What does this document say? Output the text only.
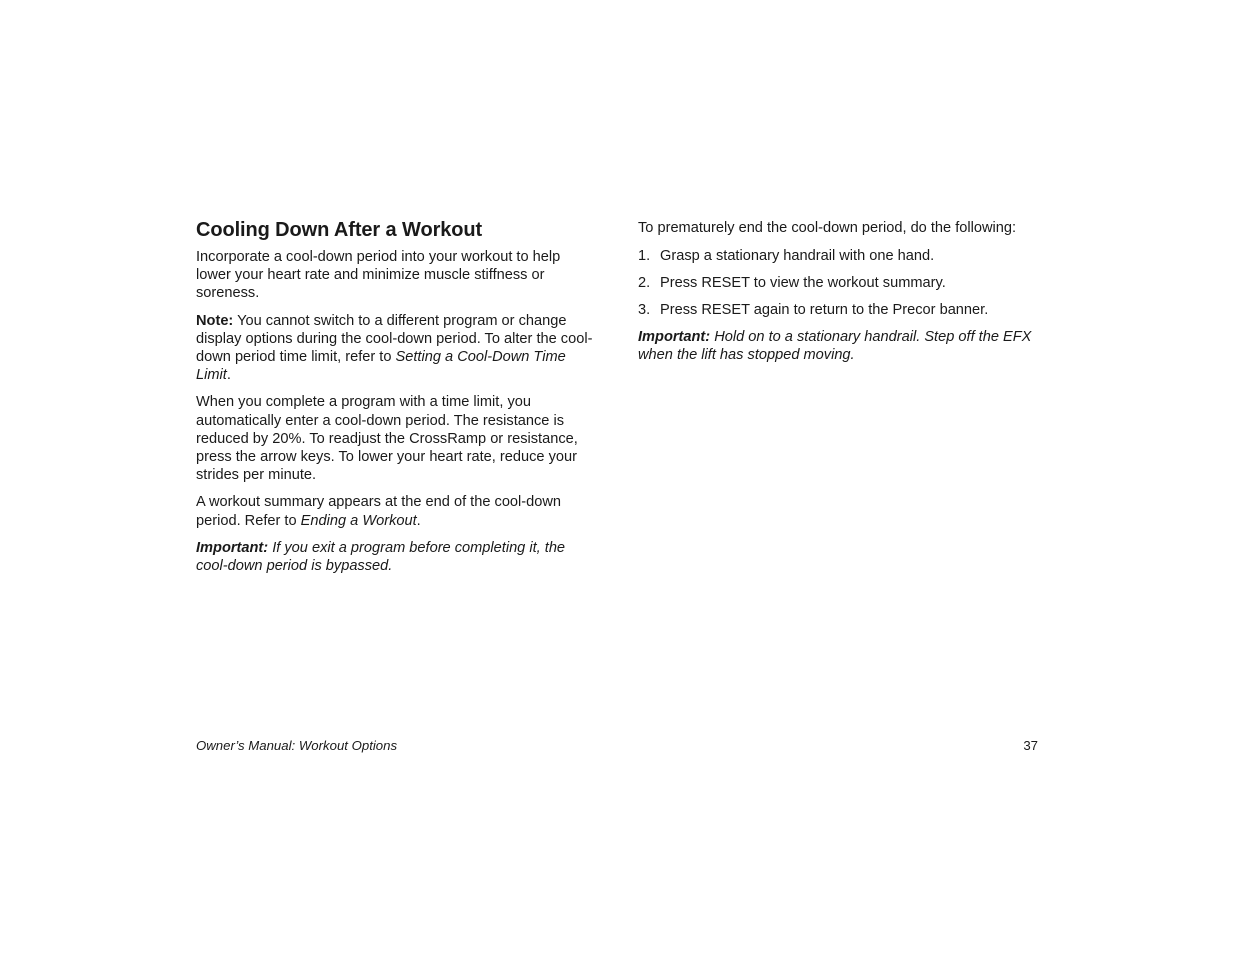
Cooling Down After a Workout

Incorporate a cool-down period into your workout to help lower your heart rate and minimize muscle stiffness or soreness.

Note: You cannot switch to a different program or change display options during the cool-down period. To alter the cool-down period time limit, refer to Setting a Cool-Down Time Limit.

When you complete a program with a time limit, you automatically enter a cool-down period. The resistance is reduced by 20%. To readjust the CrossRamp or resistance, press the arrow keys. To lower your heart rate, reduce your strides per minute.

A workout summary appears at the end of the cool-down period. Refer to Ending a Workout.

Important: If you exit a program before completing it, the cool-down period is bypassed.

To prematurely end the cool-down period, do the following:

1. Grasp a stationary handrail with one hand.
2. Press RESET to view the workout summary.
3. Press RESET again to return to the Precor banner.

Important: Hold on to a stationary handrail. Step off the EFX when the lift has stopped moving.

Owner’s Manual: Workout Options	37
